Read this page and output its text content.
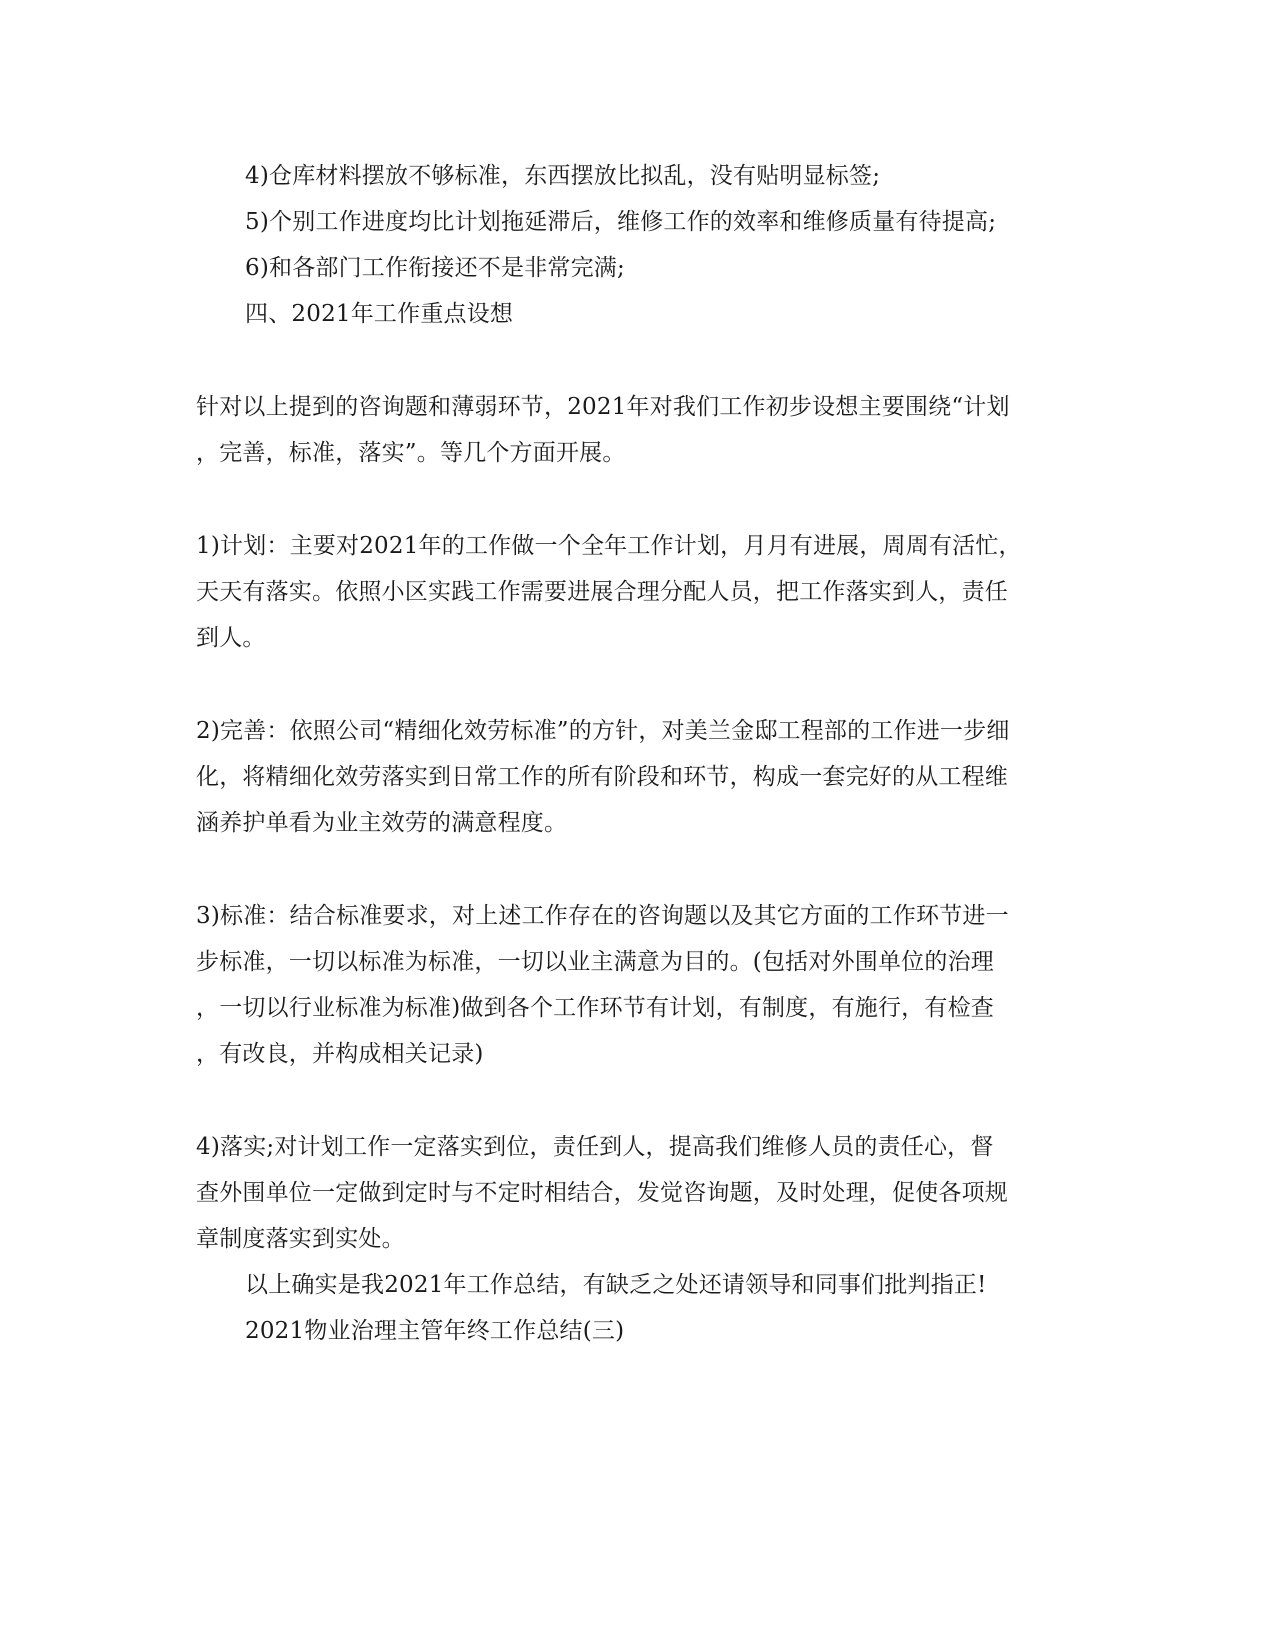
4)仓库材料摆放不够标准，东西摆放比拟乱，没有贴明显标签;
5)个别工作进度均比计划拖延滞后，维修工作的效率和维修质量有待提高;
6)和各部门工作衔接还不是非常完满;
四、2021年工作重点设想
针对以上提到的咨询题和薄弱环节，2021年对我们工作初步设想主要围绕“计划
，完善，标准，落实”。等几个方面开展。
1)计划：主要对2021年的工作做一个全年工作计划，月月有进展，周周有活忙，
天天有落实。依照小区实践工作需要进展合理分配人员，把工作落实到人，责任
到人。
2)完善：依照公司“精细化效劳标准”的方针，对美兰金邸工程部的工作进一步细
化，将精细化效劳落实到日常工作的所有阶段和环节，构成一套完好的从工程维
涵养护单看为业主效劳的满意程度。
3)标准：结合标准要求，对上述工作存在的咨询题以及其它方面的工作环节进一
步标准，一切以标准为标准，一切以业主满意为目的。(包括对外围单位的治理
，一切以行业标准为标准)做到各个工作环节有计划，有制度，有施行，有检查
，有改良，并构成相关记录)
4)落实;对计划工作一定落实到位，责任到人，提高我们维修人员的责任心，督
查外围单位一定做到定时与不定时相结合，发觉咨询题，及时处理，促使各项规
章制度落实到实处。
以上确实是我2021年工作总结，有缺乏之处还请领导和同事们批判指正!
2021物业治理主管年终工作总结(三)
